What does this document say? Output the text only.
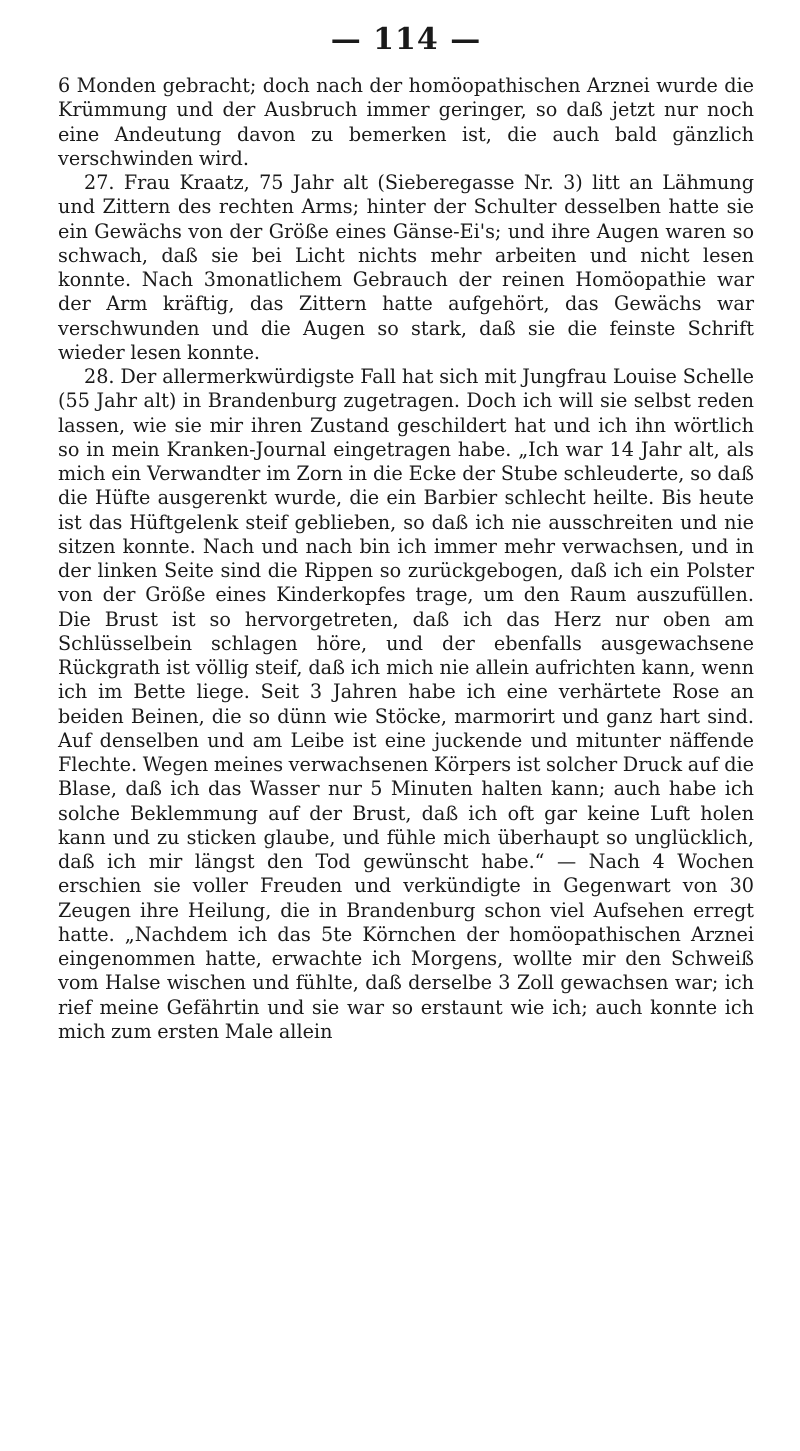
— 114 —

6 Monden gebracht; doch nach der homöopathischen Arznei wurde die Krümmung und der Ausbruch immer geringer, so daß jetzt nur noch eine Andeutung davon zu bemerken ist, die auch bald gänzlich verschwinden wird.

27. Frau Kraatz, 75 Jahr alt (Sieberegasse Nr. 3) litt an Lähmung und Zittern des rechten Arms; hinter der Schulter desselben hatte sie ein Gewächs von der Größe eines Gänse-Ei's; und ihre Augen waren so schwach, daß sie bei Licht nichts mehr arbeiten und nicht lesen konnte. Nach 3monatlichem Gebrauch der reinen Homöopathie war der Arm kräftig, das Zittern hatte aufgehört, das Gewächs war verschwunden und die Augen so stark, daß sie die feinste Schrift wieder lesen konnte.

28. Der allermerkwürdigste Fall hat sich mit Jungfrau Louise Schelle (55 Jahr alt) in Brandenburg zugetragen. Doch ich will sie selbst reden lassen, wie sie mir ihren Zustand geschildert hat und ich ihn wörtlich so in mein Kranken-Journal eingetragen habe. „Ich war 14 Jahr alt, als mich ein Verwandter im Zorn in die Ecke der Stube schleuderte, so daß die Hüfte ausgerenkt wurde, die ein Barbier schlecht heilte. Bis heute ist das Hüftgelenk steif geblieben, so daß ich nie ausschreiten und nie sitzen konnte. Nach und nach bin ich immer mehr verwachsen, und in der linken Seite sind die Rippen so zurückgebogen, daß ich ein Polster von der Größe eines Kinderkopfes trage, um den Raum auszufüllen. Die Brust ist so hervorgetreten, daß ich das Herz nur oben am Schlüsselbein schlagen höre, und der ebenfalls ausgewachsene Rückgrath ist völlig steif, daß ich mich nie allein aufrichten kann, wenn ich im Bette liege. Seit 3 Jahren habe ich eine verhärtete Rose an beiden Beinen, die so dünn wie Stöcke, marmorirt und ganz hart sind. Auf denselben und am Leibe ist eine juckende und mitunter näffende Flechte. Wegen meines verwachsenen Körpers ist solcher Druck auf die Blase, daß ich das Wasser nur 5 Minuten halten kann; auch habe ich solche Beklemmung auf der Brust, daß ich oft gar keine Luft holen kann und zu sticken glaube, und fühle mich überhaupt so unglücklich, daß ich mir längst den Tod gewünscht habe.“ — Nach 4 Wochen erschien sie voller Freuden und verkündigte in Gegenwart von 30 Zeugen ihre Heilung, die in Brandenburg schon viel Aufsehen erregt hatte. „Nachdem ich das 5te Körnchen der homöopathischen Arznei eingenommen hatte, erwachte ich Morgens, wollte mir den Schweiß vom Halse wischen und fühlte, daß derselbe 3 Zoll gewachsen war; ich rief meine Gefährtin und sie war so erstaunt wie ich; auch konnte ich mich zum ersten Male allein
